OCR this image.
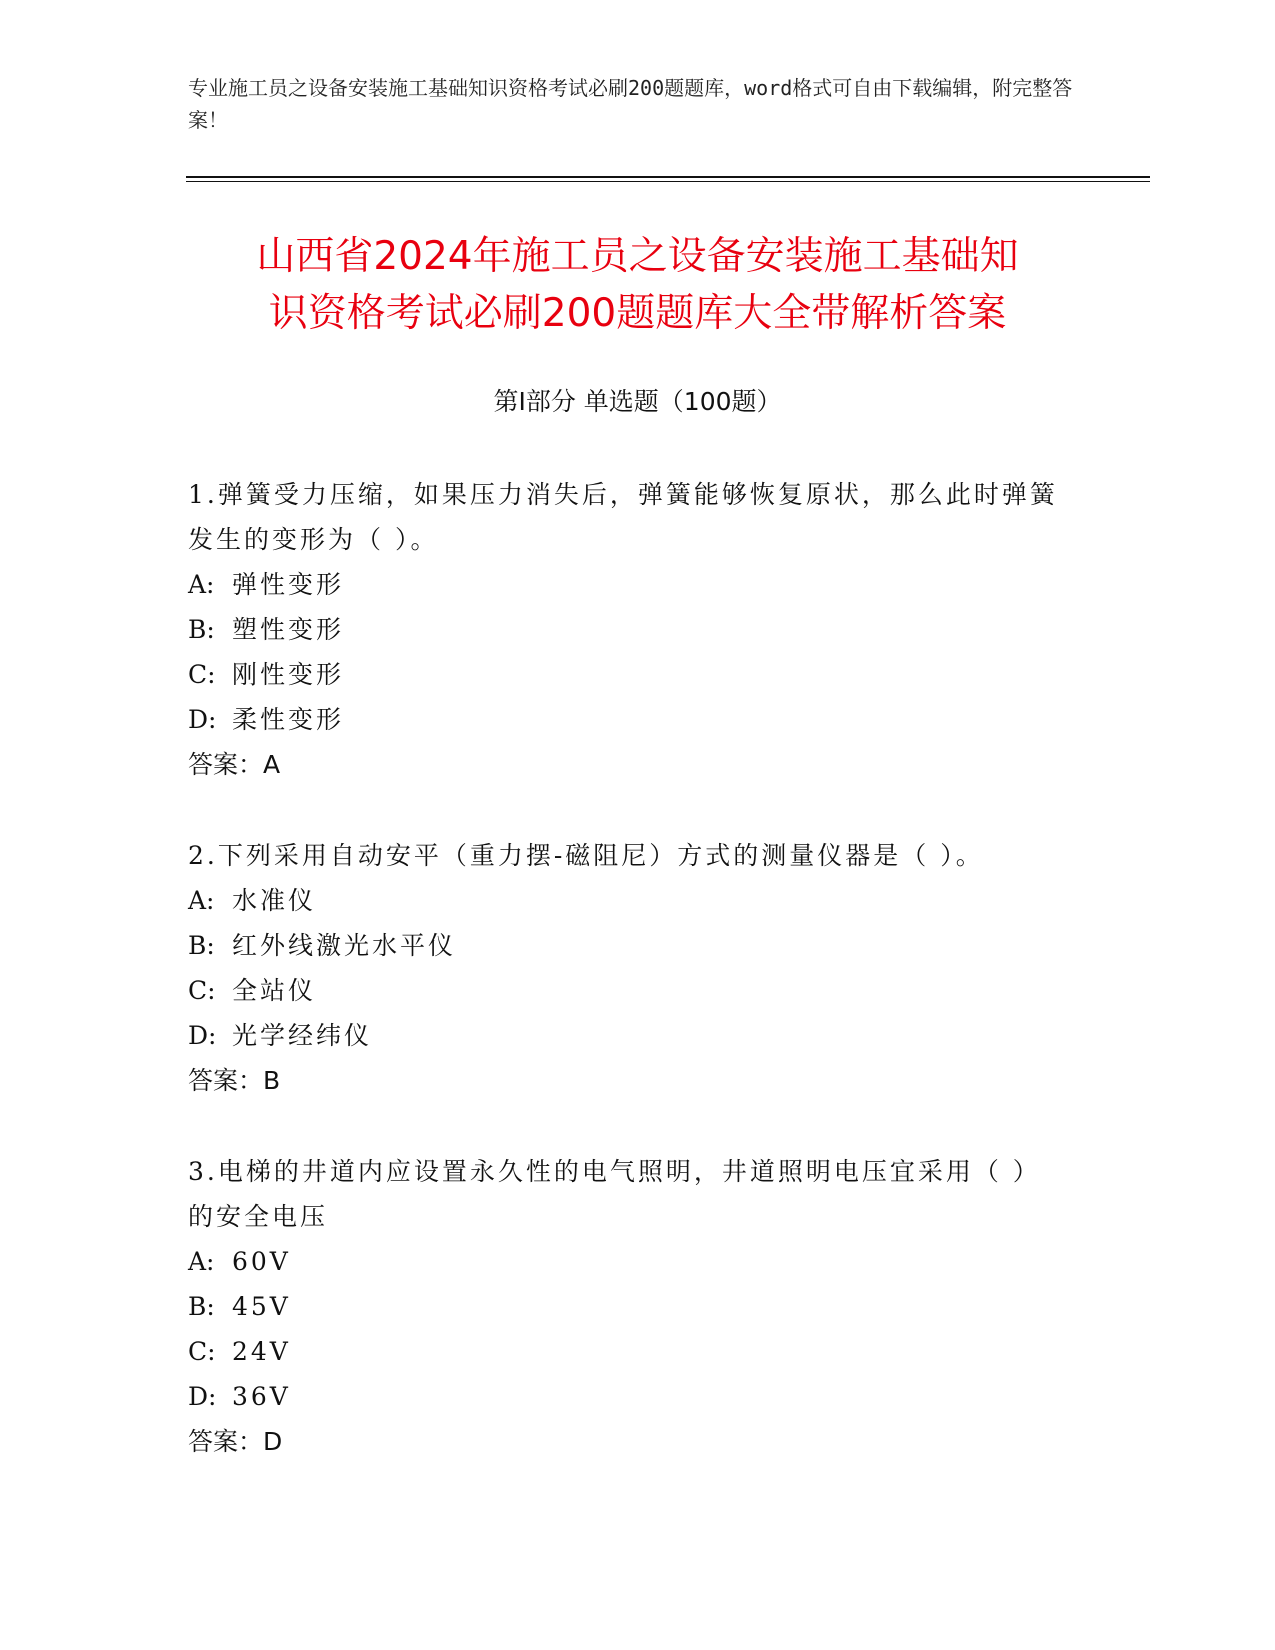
专业施工员之设备安装施工基础知识资格考试必刷200题题库，word格式可自由下载编辑，附完整答案！
山西省2024年施工员之设备安装施工基础知
识资格考试必刷200题题库大全带解析答案
第Ⅰ部分 单选题（100题）
1.弹簧受力压缩，如果压力消失后，弹簧能够恢复原状，那么此时弹簧发生的变形为（ ）。
A: 弹性变形
B: 塑性变形
C: 刚性变形
D: 柔性变形
答案：A
2.下列采用自动安平（重力摆-磁阻尼）方式的测量仪器是（ ）。
A: 水准仪
B: 红外线激光水平仪
C: 全站仪
D: 光学经纬仪
答案：B
3.电梯的井道内应设置永久性的电气照明，井道照明电压宜采用（ ）的安全电压
A: 60V
B: 45V
C: 24V
D: 36V
答案：D
